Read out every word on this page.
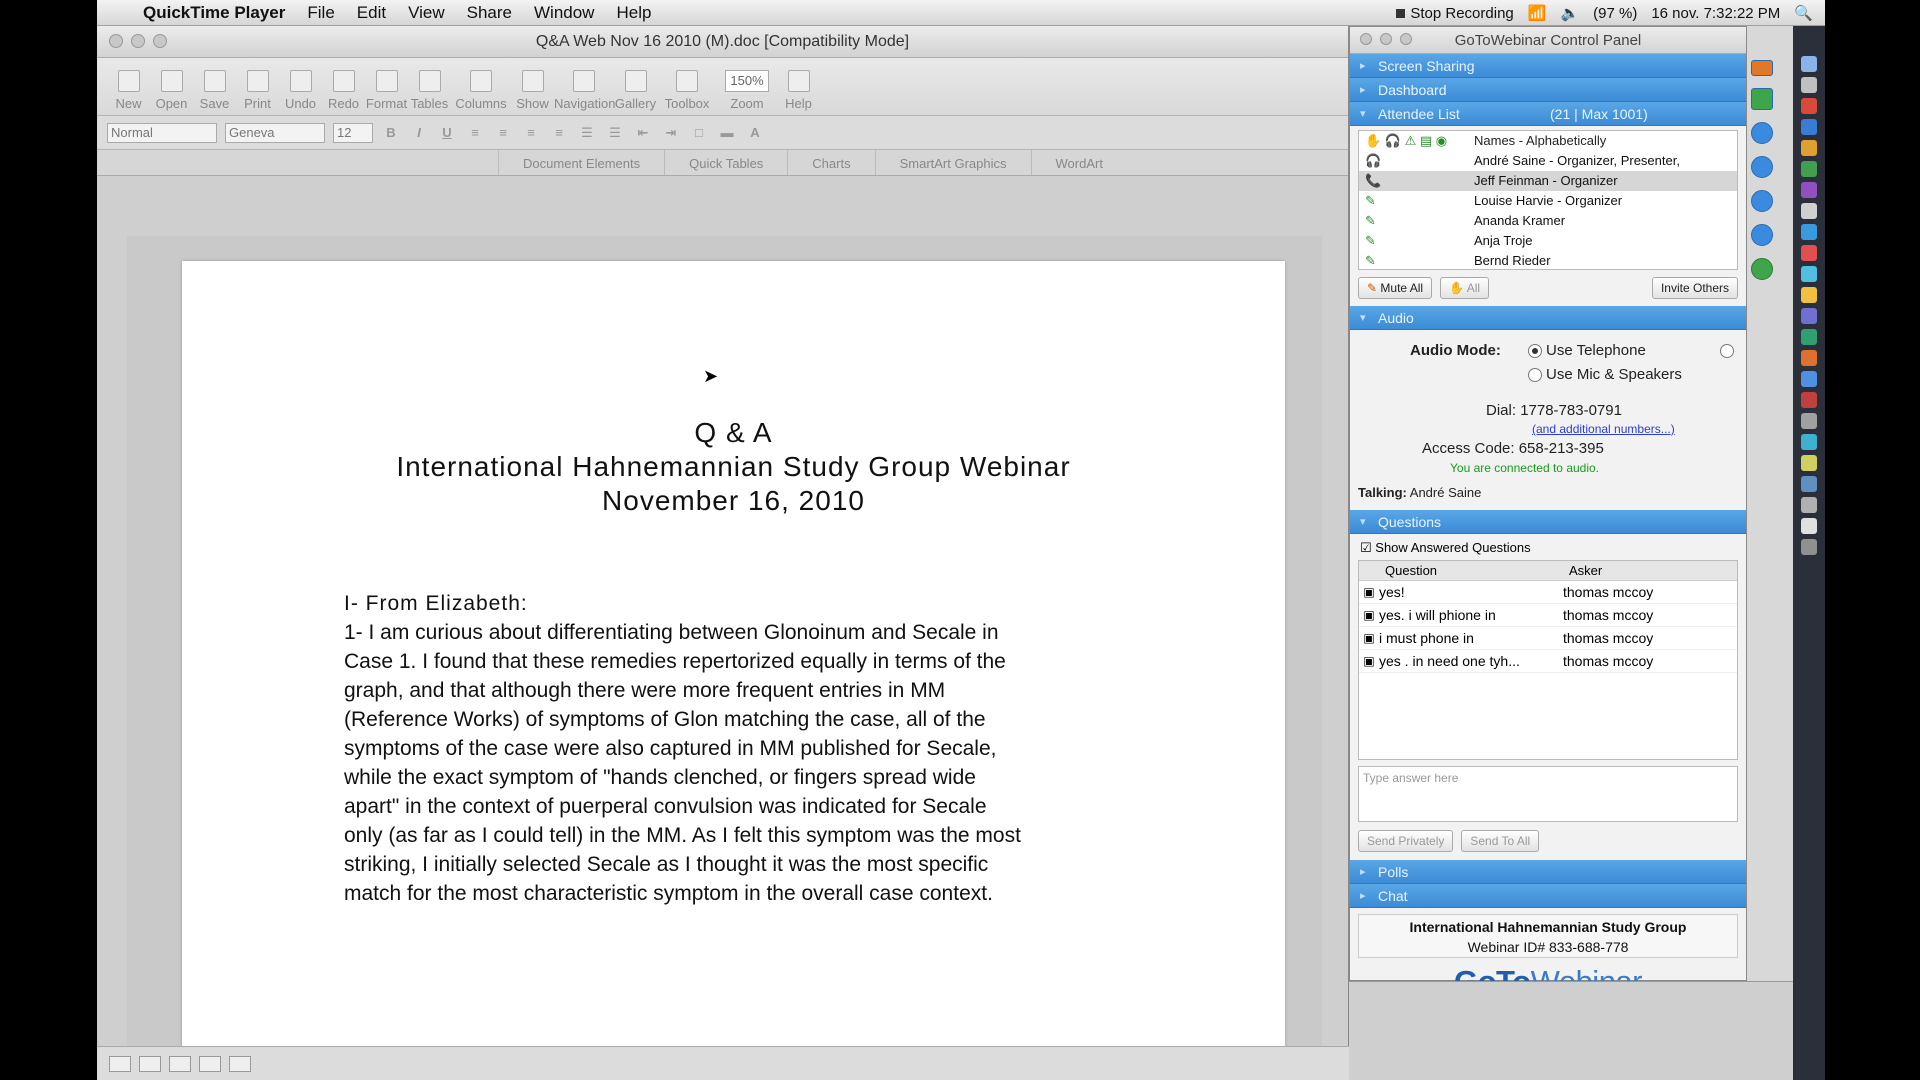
QuickTime Player File Edit View Share Window Help	Stop Recording 📶 🔈 (97 %) 16 nov. 7:32:22 PM 🔍
Q&A Web Nov 16 2010 (M).doc [Compatibility Mode]
New	Open Save	Print	Undo Redo Format Tables Columns Show Navigation Gallery Toolbox
150%
Zoom	Help
Normal	Geneva	12	B	I	U	≡	≡	≡	≡	☰	☰	⇤	⇥	□	▬	A
Document Elements	Quick Tables	Charts	SmartArt Graphics	WordArt
Q & A
International Hahnemannian Study Group Webinar
November 16, 2010
I- From Elizabeth:
1- I am curious about differentiating between Glonoinum and Secale in
Case 1. I found that these remedies repertorized equally in terms of the
graph, and that although there were more frequent entries in MM
(Reference Works) of symptoms of Glon matching the case, all of the
symptoms of the case were also captured in MM published for Secale,
while the exact symptom of "hands clenched, or fingers spread wide
apart" in the context of puerperal convulsion was indicated for Secale
only (as far as I could tell) in the MM. As I felt this symptom was the most
striking, I initially selected Secale as I thought it was the most specific
match for the most characteristic symptom in the overall case context.
➤
GoToWebinar Control Panel
▸ Screen Sharing
▸ Dashboard
▾ Attendee List	(21 | Max 1001)
✋ 🎧 ⚠ ▤ ◉	Names - Alphabetically
🎧	André Saine - Organizer, Presenter,
📞	Jeff Feinman - Organizer
✎	Louise Harvie - Organizer
✎	Ananda Kramer
✎	Anja Troje
✎	Bernd Rieder
✎ Mute All	✋ All	Invite Others
▾ Audio
Audio Mode:	Use Telephone
Use Mic & Speakers
Dial: 1778-783-0791
(and additional numbers...)
Access Code: 658-213-395
You are connected to audio.
Talking: André Saine
▾ Questions
☑ Show Answered Questions
Question	Asker
▣ yes!	thomas mccoy
▣ yes. i will phione in	thomas mccoy
▣ i must phone in	thomas mccoy
▣ yes . in need one tyh...	thomas mccoy
Type answer here
Send Privately	Send To All
▸ Polls
▸ Chat
International Hahnemannian Study Group
Webinar ID# 833-688-778
